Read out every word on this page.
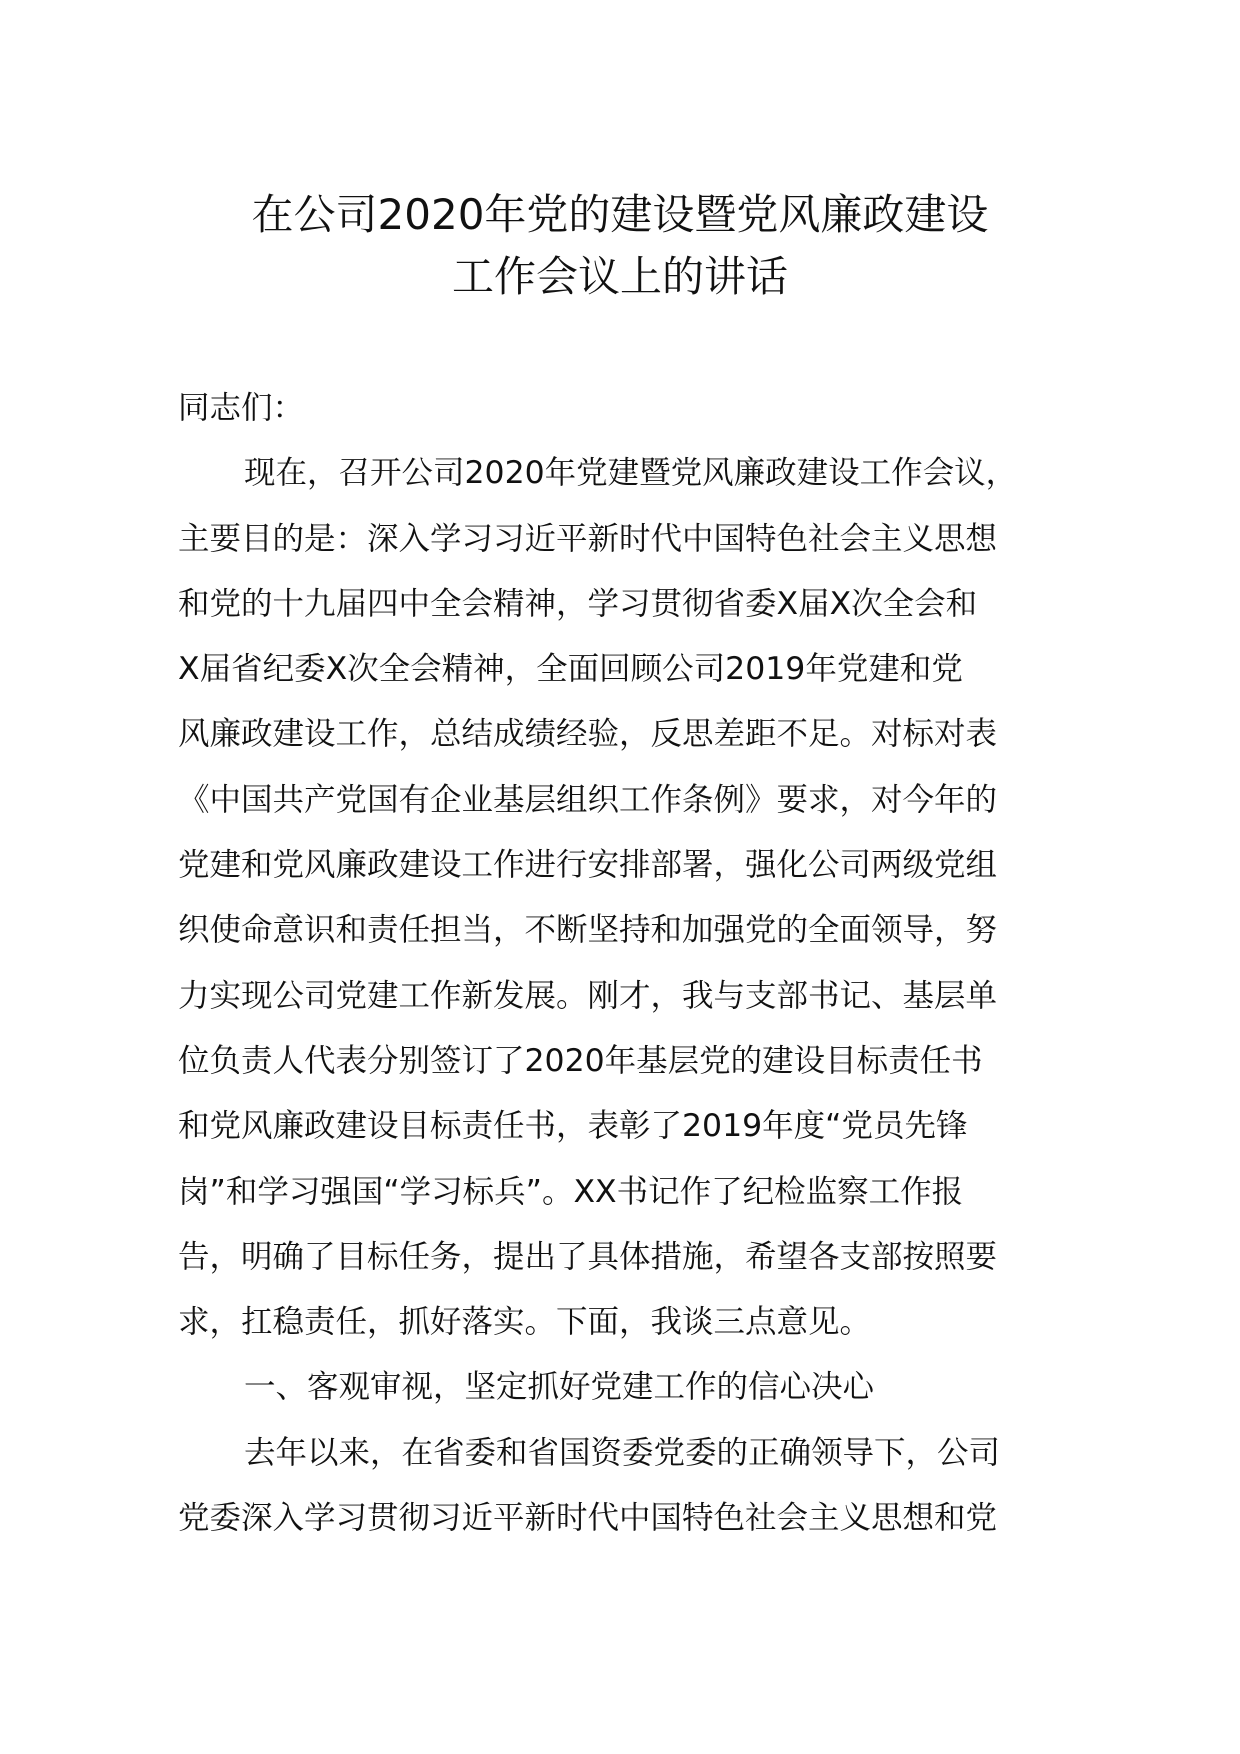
在公司2020年党的建设暨党风廉政建设
工作会议上的讲话
同志们：
现在，召开公司2020年党建暨党风廉政建设工作会议，
主要目的是：深入学习习近平新时代中国特色社会主义思想
和党的十九届四中全会精神，学习贯彻省委X届X次全会和
X届省纪委X次全会精神，全面回顾公司2019年党建和党
风廉政建设工作，总结成绩经验，反思差距不足。对标对表
《中国共产党国有企业基层组织工作条例》要求，对今年的
党建和党风廉政建设工作进行安排部署，强化公司两级党组
织使命意识和责任担当，不断坚持和加强党的全面领导，努
力实现公司党建工作新发展。刚才，我与支部书记、基层单
位负责人代表分别签订了2020年基层党的建设目标责任书
和党风廉政建设目标责任书，表彰了2019年度“党员先锋
岗”和学习强国“学习标兵”。XX书记作了纪检监察工作报
告，明确了目标任务，提出了具体措施，希望各支部按照要
求，扛稳责任，抓好落实。下面，我谈三点意见。
一、客观审视，坚定抓好党建工作的信心决心
去年以来，在省委和省国资委党委的正确领导下，公司
党委深入学习贯彻习近平新时代中国特色社会主义思想和党
